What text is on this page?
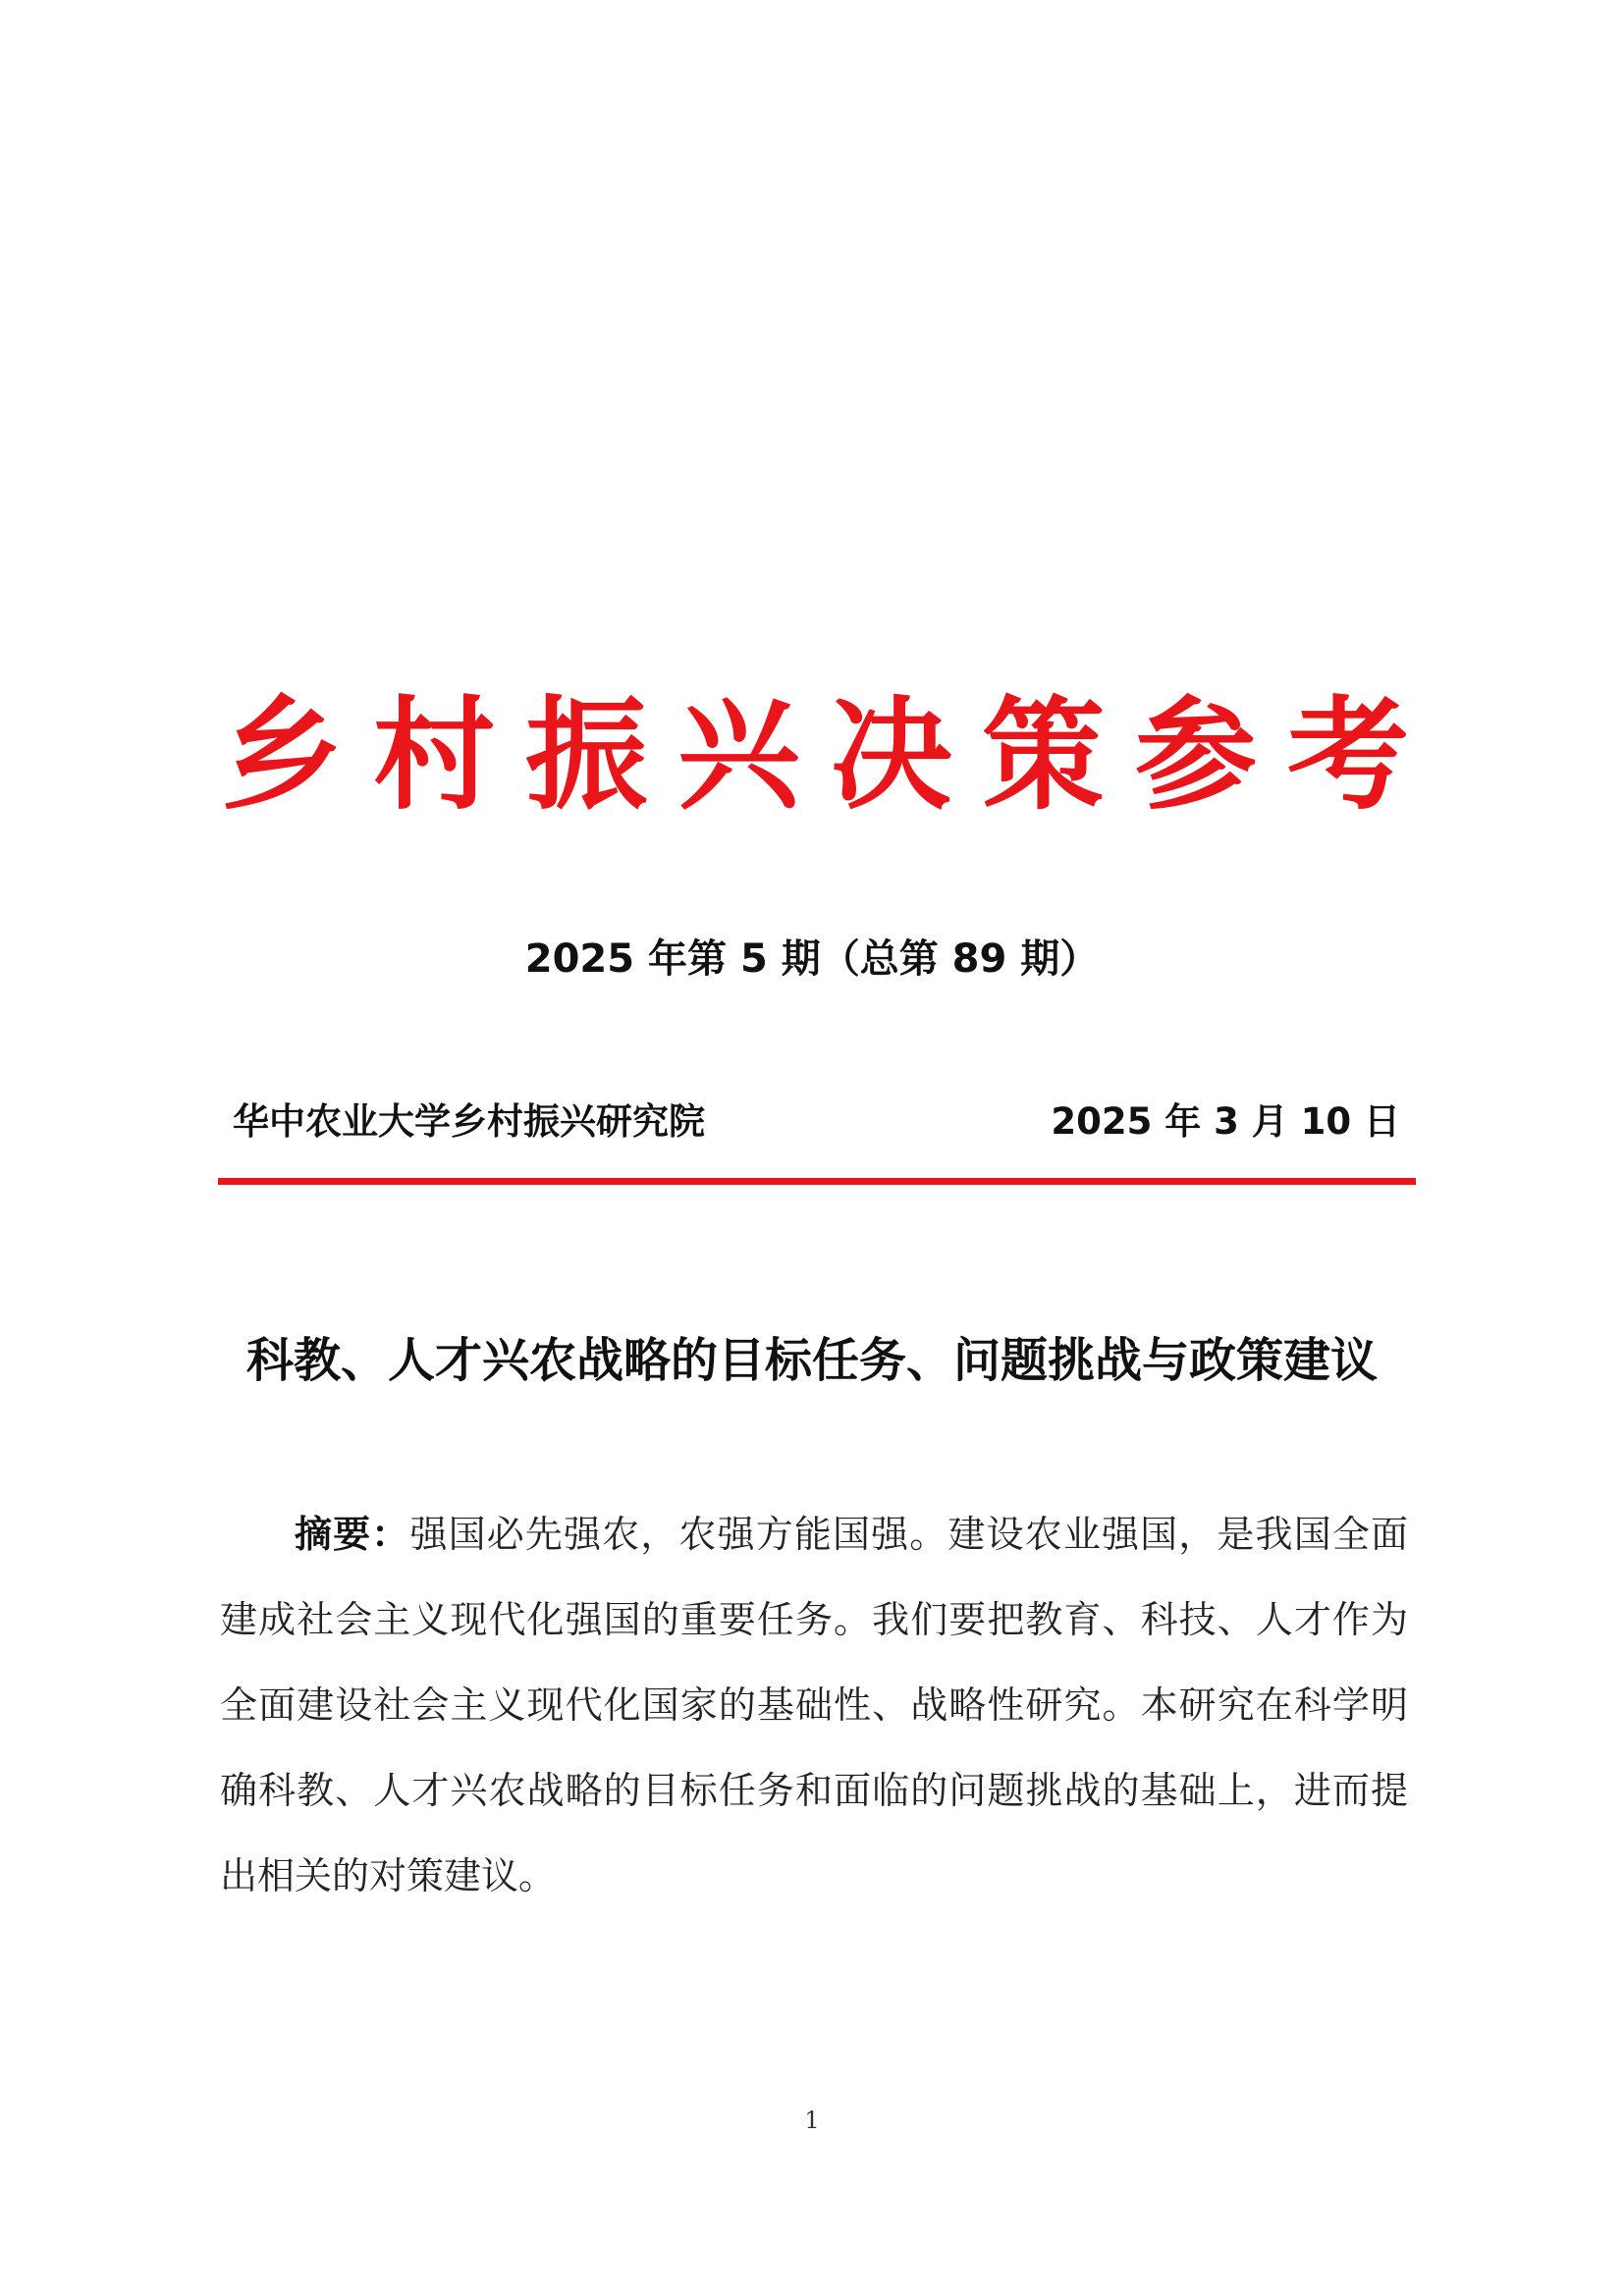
乡 村 振 兴 决 策 参 考
2025 年第 5 期（总第 89 期）
华中农业大学乡村振兴研究院	2025 年 3 月 10 日
科教、人才兴农战略的目标任务、问题挑战与政策建议
摘要：强国必先强农，农强方能国强。建设农业强国，是我国全面
建成社会主义现代化强国的重要任务。我们要把教育、科技、人才作为
全面建设社会主义现代化国家的基础性、战略性研究。本研究在科学明
确科教、人才兴农战略的目标任务和面临的问题挑战的基础上，进而提
出相关的对策建议。
1
